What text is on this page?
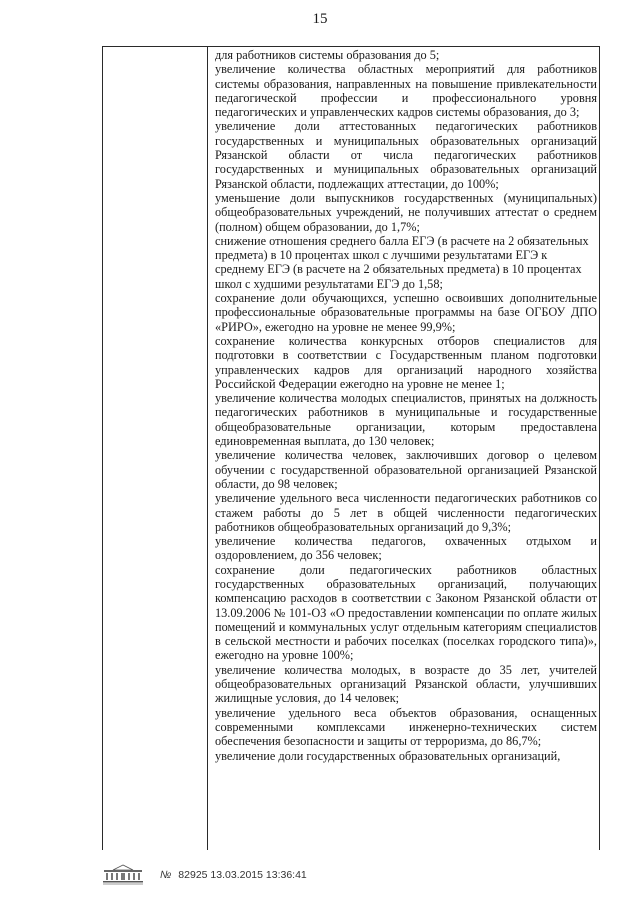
15

для работников системы образования до 5;

увеличение количества областных мероприятий для работников системы образования, направленных на повышение привлекательности педагогической профессии и профессионального уровня педагогических и управленческих кадров системы образования, до 3;

увеличение доли аттестованных педагогических работников государственных и муниципальных образовательных организаций Рязанской области от числа педагогических работников государственных и муниципальных образовательных организаций Рязанской области, подлежащих аттестации, до 100%;

уменьшение доли выпускников государственных (муниципальных) общеобразовательных учреждений, не получивших аттестат о среднем (полном) общем образовании, до 1,7%;

снижение отношения среднего балла ЕГЭ (в расчете на 2 обязательных предмета) в 10 процентах школ с лучшими результатами ЕГЭ к среднему ЕГЭ (в расчете на 2 обязательных предмета) в 10 процентах школ с худшими результатами ЕГЭ до 1,58;

сохранение доли обучающихся, успешно освоивших дополнительные профессиональные образовательные программы на базе ОГБОУ ДПО «РИРО», ежегодно на уровне не менее 99,9%;

сохранение количества конкурсных отборов специалистов для подготовки в соответствии с Государственным планом подготовки управленческих кадров для организаций народного хозяйства Российской Федерации ежегодно на уровне не менее 1;

увеличение количества молодых специалистов, принятых на должность педагогических работников в муниципальные и государственные общеобразовательные организации, которым предоставлена единовременная выплата, до 130 человек;

увеличение количества человек, заключивших договор о целевом обучении с государственной образовательной организацией Рязанской области, до 98 человек;

увеличение удельного веса численности педагогических работников со стажем работы до 5 лет в общей численности педагогических работников общеобразовательных организаций до 9,3%;

увеличение количества педагогов, охваченных отдыхом и оздоровлением, до 356 человек;

сохранение доли педагогических работников областных государственных образовательных организаций, получающих компенсацию расходов в соответствии с Законом Рязанской области от 13.09.2006 № 101-ОЗ «О предоставлении компенсации по оплате жилых помещений и коммунальных услуг отдельным категориям специалистов в сельской местности и рабочих поселках (поселках городского типа)», ежегодно на уровне 100%;

увеличение количества молодых, в возрасте до 35 лет, учителей общеобразовательных организаций Рязанской области, улучшивших жилищные условия, до 14 человек;

увеличение удельного веса объектов образования, оснащенных современными комплексами инженерно-технических систем обеспечения безопасности и защиты от терроризма, до 86,7%;

увеличение доли государственных образовательных организаций,

№ 82925 13.03.2015 13:36:41
